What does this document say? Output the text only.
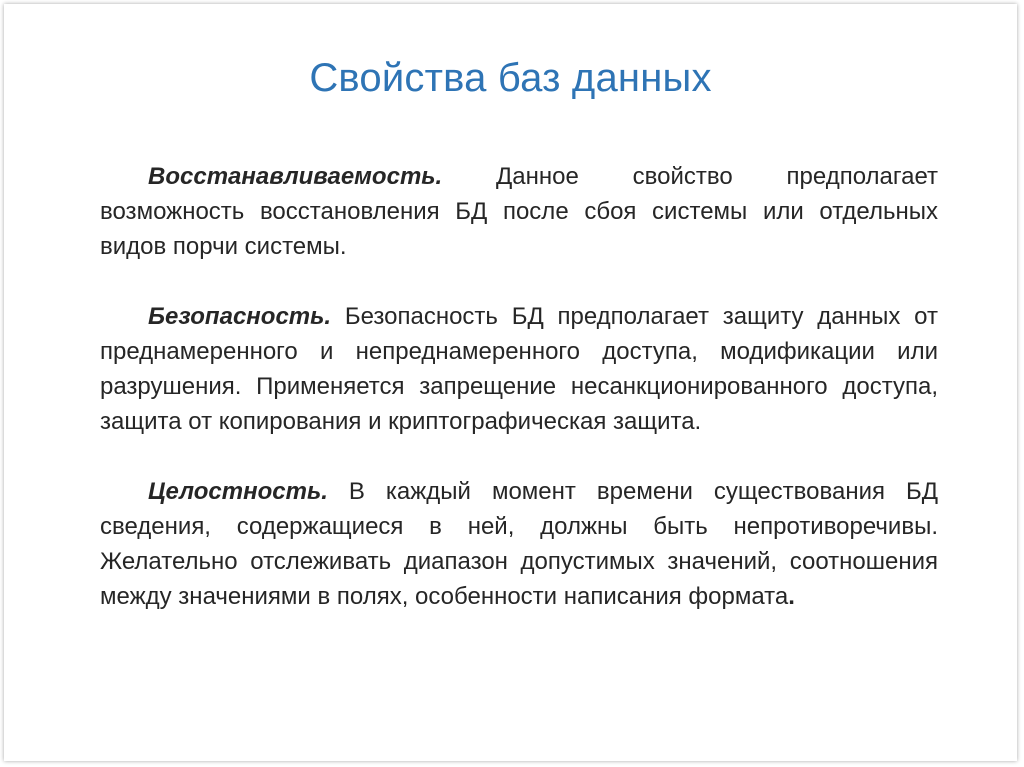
Свойства баз данных

Восстанавливаемость. Данное свойство предполагает возможность восстановления БД после сбоя системы или отдельных видов порчи системы.

Безопасность. Безопасность БД предполагает защиту данных от преднамеренного и непреднамеренного доступа, модификации или разрушения. Применяется запрещение несанкционированного доступа, защита от копирования и криптографическая защита.

Целостность. В каждый момент времени существования БД сведения, содержащиеся в ней, должны быть непротиворечивы. Желательно отслеживать диапазон допустимых значений, соотношения между значениями в полях, особенности написания формата.
